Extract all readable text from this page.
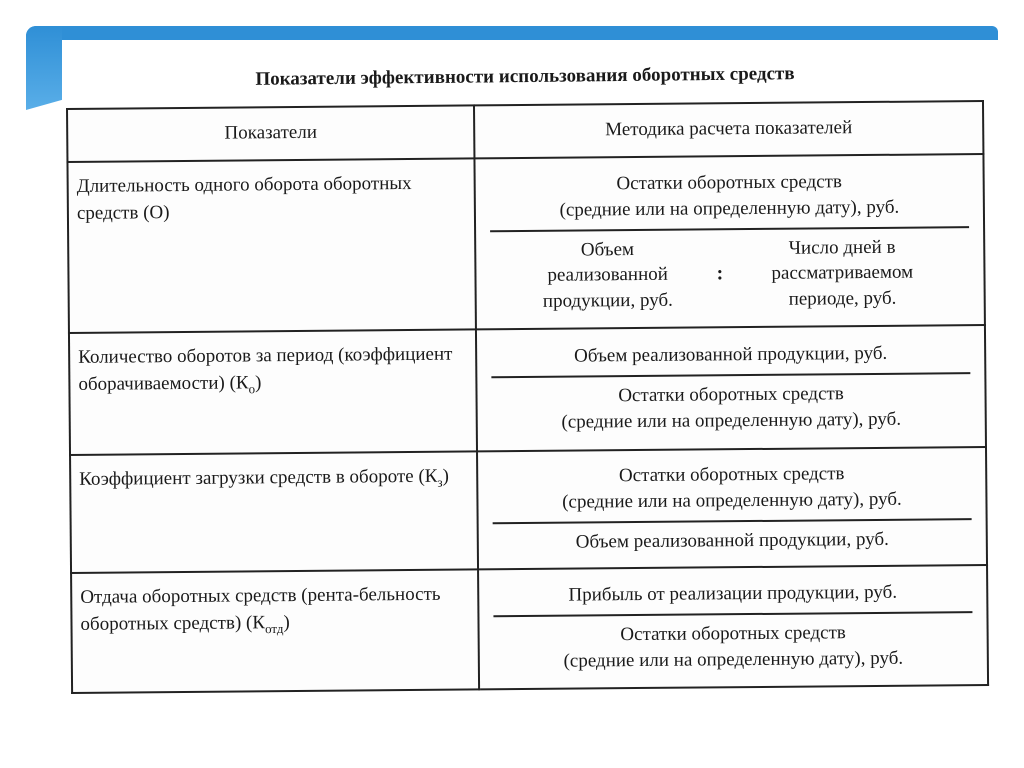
Показатели эффективности использования оборотных средств
Показатели	Методика расчета показателей
Длительность одного оборота оборотных средств (О)	Остатки оборотных средств
(средние или на определенную дату), руб.
Объем реализованной продукции, руб.
:
Число дней в рассматриваемом периоде, руб.

Количество оборотов за период (коэффициент оборачиваемости) $(К_о)$	Объем реализованной продукции, руб.
Остатки оборотных средств
(средние или на определенную дату), руб.

Коэффициент загрузки средств в обороте $(К_з)$	Остатки оборотных средств
(средние или на определенную дату), руб.
Объем реализованной продукции, руб.

Отдача оборотных средств (рента-бельность оборотных средств) $(К_{отд})$	Прибыль от реализации продукции, руб.
Остатки оборотных средств
(средние или на определенную дату), руб.
